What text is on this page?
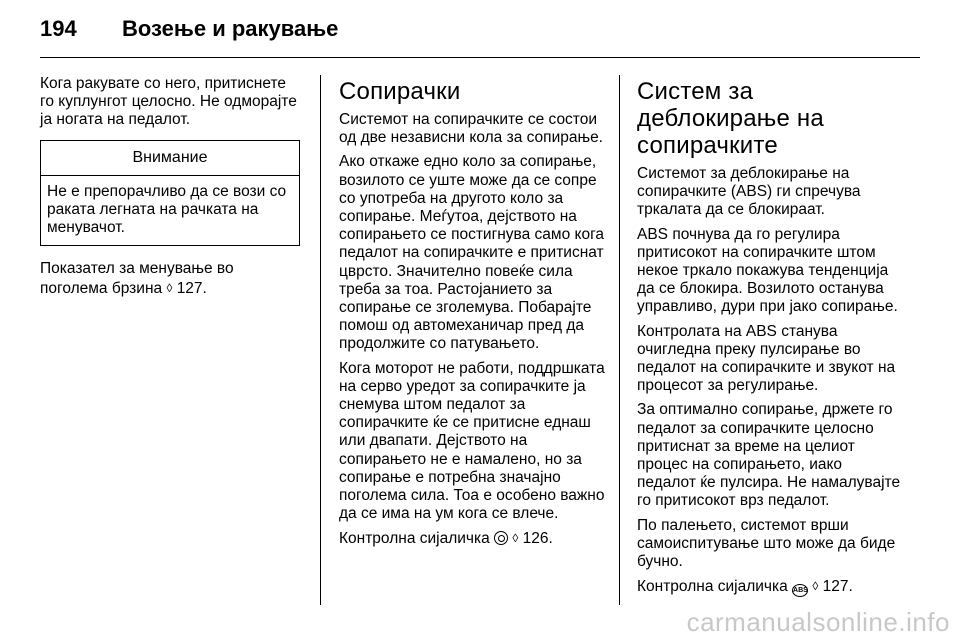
194	Возење и ракување

Кога ракувате со него, притиснете го куплунгот целосно. Не одморајте ја ногата на педалот.

Внимание
Не е препорачливо да се вози со раката легната на рачката на менувачот.

Показател за менување во поголема брзина ◊ 127.

Сопирачки

Системот на сопирачките се состои од две независни кола за сопирање.

Ако откаже едно коло за сопирање, возилото се уште може да се сопре со употреба на другото коло за сопирање. Меѓутоа, дејството на сопирањето се постигнува само кога педалот на сопирачките е притиснат цврсто. Значително повеќе сила треба за тоа. Растојанието за сопирање се зголемува. Побарајте помош од автомеханичар пред да продолжите со патувањето.

Кога моторот не работи, поддршката на серво уредот за сопирачките ја снемува штом педалот за сопирачките ќе се притисне еднаш или двапати. Дејството на сопирањето не е намалено, но за сопирање е потребна значајно поголема сила. Тоа е особено важно да се има на ум кога се влече.

Контролна сијаличка ◊ 126.

Систем за деблокирање на сопирачките

Системот за деблокирање на сопирачките (ABS) ги спречува тркалата да се блокираат.

ABS почнува да го регулира притисокот на сопирачките штом некое тркало покажува тенденција да се блокира. Возилото останува управливо, дури при јако сопирање.

Контролата на ABS станува очигледна преку пулсирање во педалот на сопирачките и звукот на процесот за регулирање.

За оптимално сопирање, држете го педалот за сопирачките целосно притиснат за време на целиот процес на сопирањето, иако педалот ќе пулсира. Не намалувајте го притисокот врз педалот.

По палењето, системот врши самоиспитување што може да биде бучно.

Контролна сијаличка ABS ◊ 127.

carmanualsonline.info
